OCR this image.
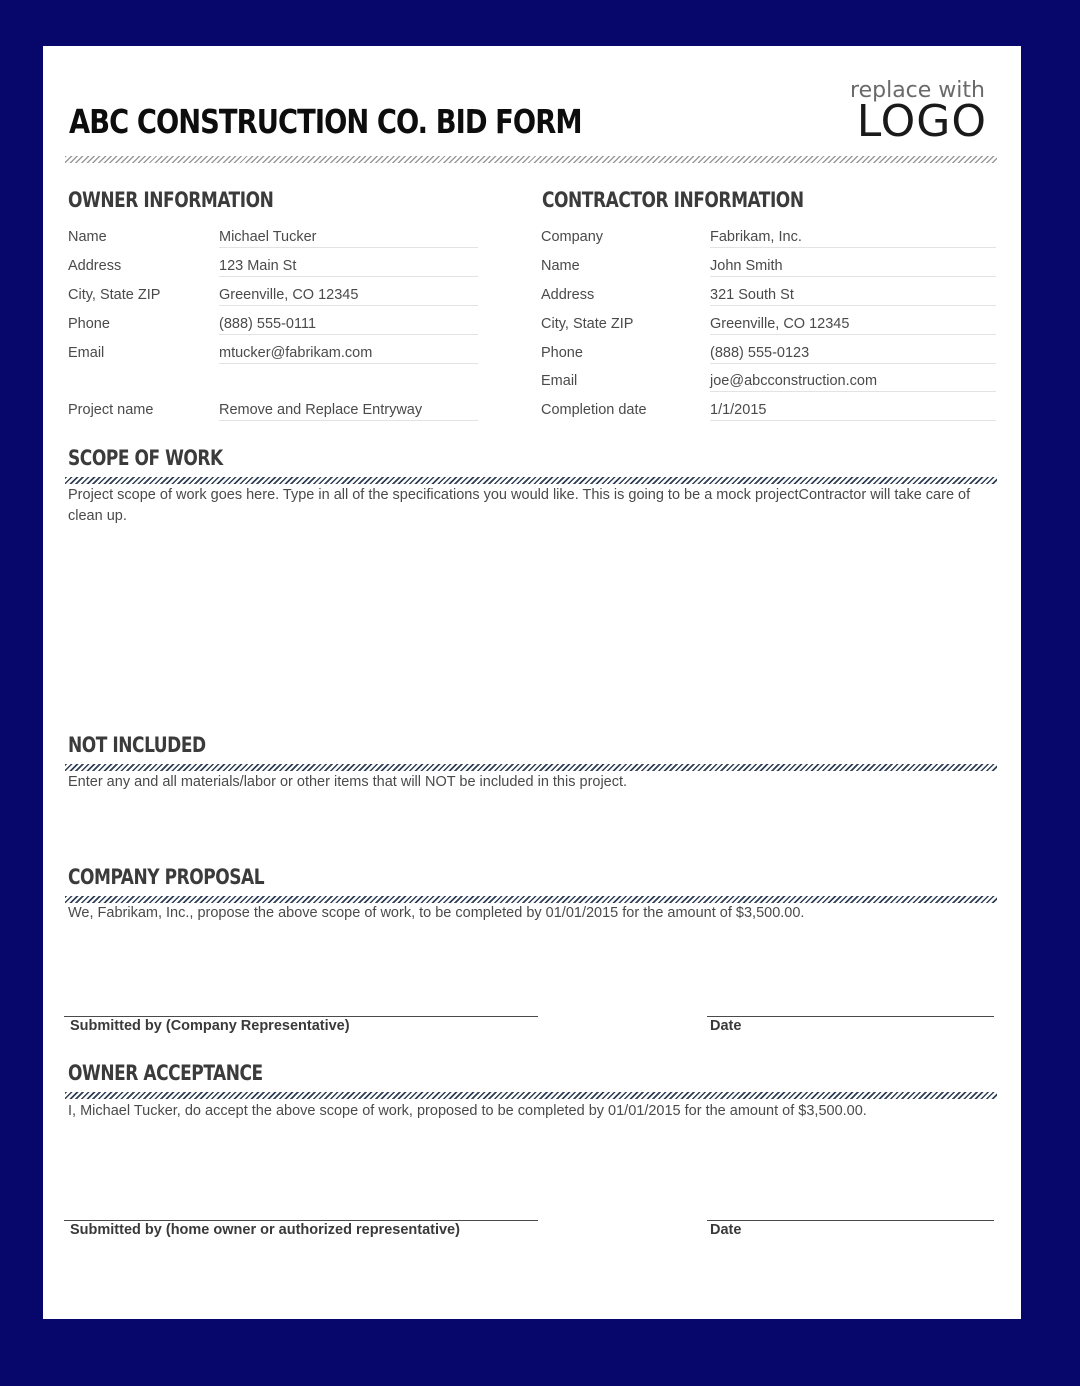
ABC CONSTRUCTION CO. BID FORM
replace with
LOGO
OWNER INFORMATION
Name	Michael Tucker
Address	123 Main St
City, State ZIP	Greenville, CO 12345
Phone	(888) 555-0111
Email	mtucker@fabrikam.com
Project name	Remove and Replace Entryway
CONTRACTOR INFORMATION
Company	Fabrikam, Inc.
Name	John Smith
Address	321 South St
City, State ZIP	Greenville, CO 12345
Phone	(888) 555-0123
Email	joe@abcconstruction.com
Completion date	1/1/2015
SCOPE OF WORK
Project scope of work goes here. Type in all of the specifications you would like. This is going to be a mock projectContractor will take care of clean up.
NOT INCLUDED
Enter any and all materials/labor or other items that will NOT be included in this project.
COMPANY PROPOSAL
We, Fabrikam, Inc., propose the above scope of work, to be completed by 01/01/2015 for the amount of $3,500.00.
Submitted by (Company Representative)	Date
OWNER ACCEPTANCE
I, Michael Tucker, do accept the above scope of work, proposed to be completed by 01/01/2015 for the amount of $3,500.00.
Submitted by (home owner or authorized representative)	Date
